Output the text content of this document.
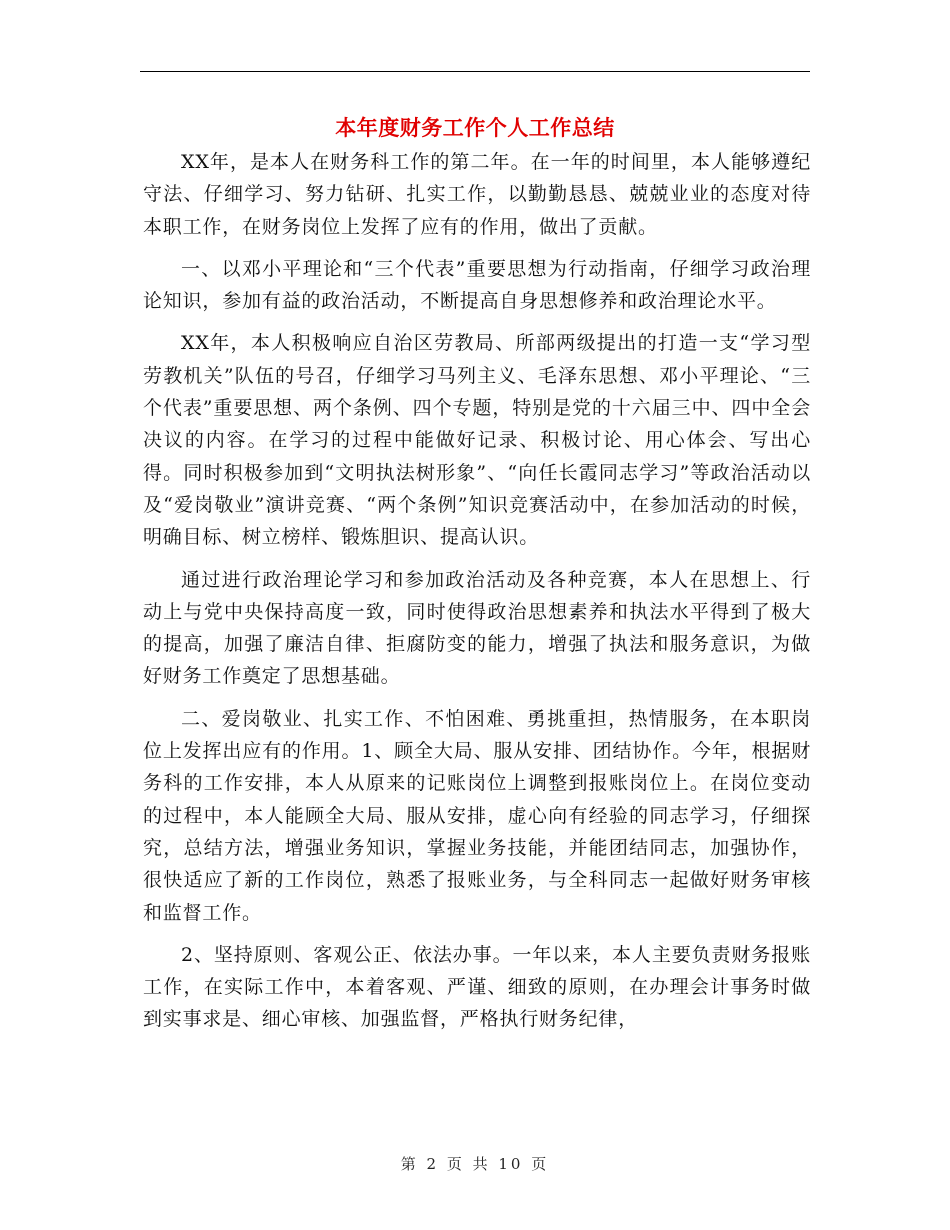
本年度财务工作个人工作总结

XX年，是本人在财务科工作的第二年。在一年的时间里，本人能够遵纪守法、仔细学习、努力钻研、扎实工作，以勤勤恳恳、兢兢业业的态度对待本职工作，在财务岗位上发挥了应有的作用，做出了贡献。

一、以邓小平理论和“三个代表”重要思想为行动指南，仔细学习政治理论知识，参加有益的政治活动，不断提高自身思想修养和政治理论水平。

XX年，本人积极响应自治区劳教局、所部两级提出的打造一支“学习型劳教机关”队伍的号召，仔细学习马列主义、毛泽东思想、邓小平理论、“三个代表”重要思想、两个条例、四个专题，特别是党的十六届三中、四中全会决议的内容。在学习的过程中能做好记录、积极讨论、用心体会、写出心得。同时积极参加到“文明执法树形象”、“向任长霞同志学习”等政治活动以及“爱岗敬业”演讲竞赛、“两个条例”知识竞赛活动中，在参加活动的时候，明确目标、树立榜样、锻炼胆识、提高认识。

通过进行政治理论学习和参加政治活动及各种竞赛，本人在思想上、行动上与党中央保持高度一致，同时使得政治思想素养和执法水平得到了极大的提高，加强了廉洁自律、拒腐防变的能力，增强了执法和服务意识，为做好财务工作奠定了思想基础。

二、爱岗敬业、扎实工作、不怕困难、勇挑重担，热情服务，在本职岗位上发挥出应有的作用。1、顾全大局、服从安排、团结协作。今年，根据财务科的工作安排，本人从原来的记账岗位上调整到报账岗位上。在岗位变动的过程中，本人能顾全大局、服从安排，虚心向有经验的同志学习，仔细探究，总结方法，增强业务知识，掌握业务技能，并能团结同志，加强协作，很快适应了新的工作岗位，熟悉了报账业务，与全科同志一起做好财务审核和监督工作。

2、坚持原则、客观公正、依法办事。一年以来，本人主要负责财务报账工作，在实际工作中，本着客观、严谨、细致的原则，在办理会计事务时做到实事求是、细心审核、加强监督，严格执行财务纪律，

第 2 页 共 10 页
